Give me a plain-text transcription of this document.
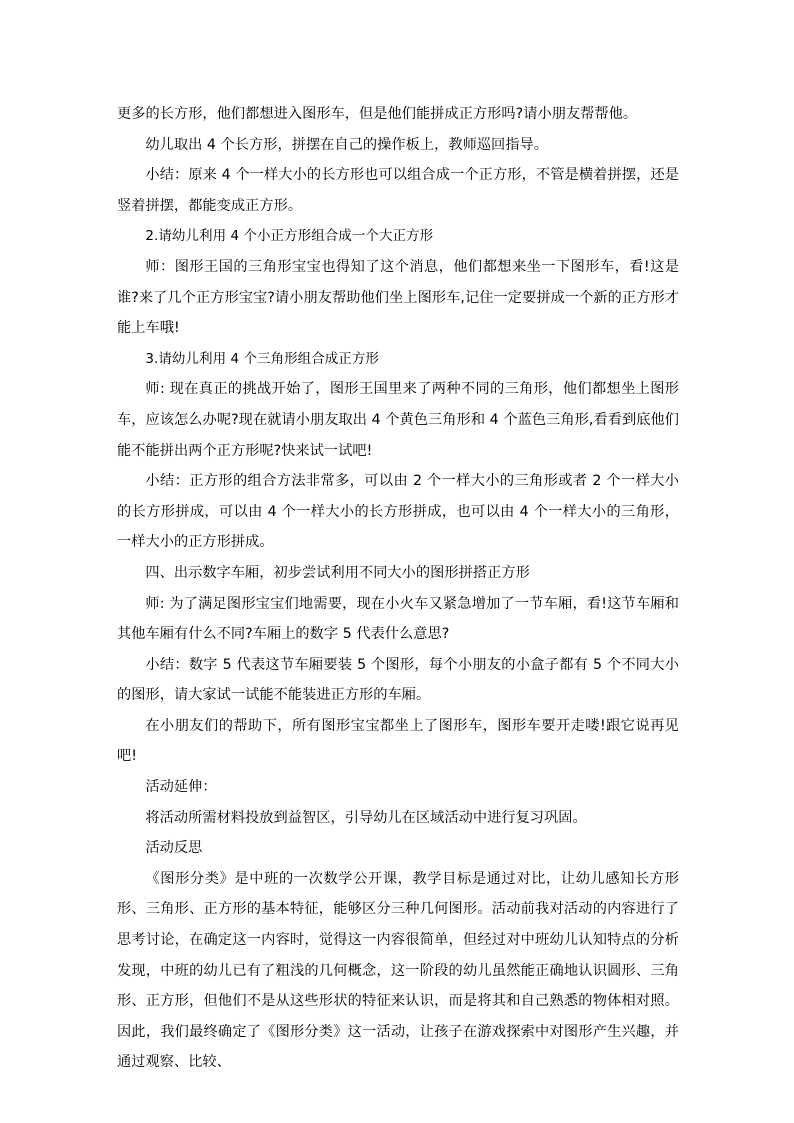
更多的长方形，他们都想进入图形车，但是他们能拼成正方形吗?请小朋友帮帮他。

幼儿取出 4 个长方形，拼摆在自己的操作板上，教师巡回指导。

小结：原来 4 个一样大小的长方形也可以组合成一个正方形，不管是横着拼摆，还是竖着拼摆，都能变成正方形。

2.请幼儿利用 4 个小正方形组合成一个大正方形

师：图形王国的三角形宝宝也得知了这个消息，他们都想来坐一下图形车，看!这是谁?来了几个正方形宝宝?请小朋友帮助他们坐上图形车,记住一定要拼成一个新的正方形才能上车哦!

3.请幼儿利用 4 个三角形组合成正方形

师: 现在真正的挑战开始了，图形王国里来了两种不同的三角形，他们都想坐上图形车，应该怎么办呢?现在就请小朋友取出 4 个黄色三角形和 4 个蓝色三角形,看看到底他们能不能拼出两个正方形呢?快来试一试吧!

小结：正方形的组合方法非常多，可以由 2 个一样大小的三角形或者 2 个一样大小的长方形拼成，可以由 4 个一样大小的长方形拼成，也可以由 4 个一样大小的三角形，一样大小的正方形拼成。

四、出示数字车厢，初步尝试利用不同大小的图形拼搭正方形

师: 为了满足图形宝宝们地需要，现在小火车又紧急增加了一节车厢，看!这节车厢和其他车厢有什么不同?车厢上的数字 5 代表什么意思?

小结：数字 5 代表这节车厢要装 5 个图形，每个小朋友的小盒子都有 5 个不同大小的图形，请大家试一试能不能装进正方形的车厢。

在小朋友们的帮助下，所有图形宝宝都坐上了图形车，图形车要开走喽!跟它说再见吧!

活动延伸：

将活动所需材料投放到益智区，引导幼儿在区域活动中进行复习巩固。

活动反思

《图形分类》是中班的一次数学公开课，教学目标是通过对比，让幼儿感知长方形形、三角形、正方形的基本特征，能够区分三种几何图形。活动前我对活动的内容进行了思考讨论，在确定这一内容时，觉得这一内容很简单，但经过对中班幼儿认知特点的分析发现，中班的幼儿已有了粗浅的几何概念，这一阶段的幼儿虽然能正确地认识圆形、三角形、正方形，但他们不是从这些形状的特征来认识，而是将其和自己熟悉的物体相对照。因此，我们最终确定了《图形分类》这一活动，让孩子在游戏探索中对图形产生兴趣，并通过观察、比较、
